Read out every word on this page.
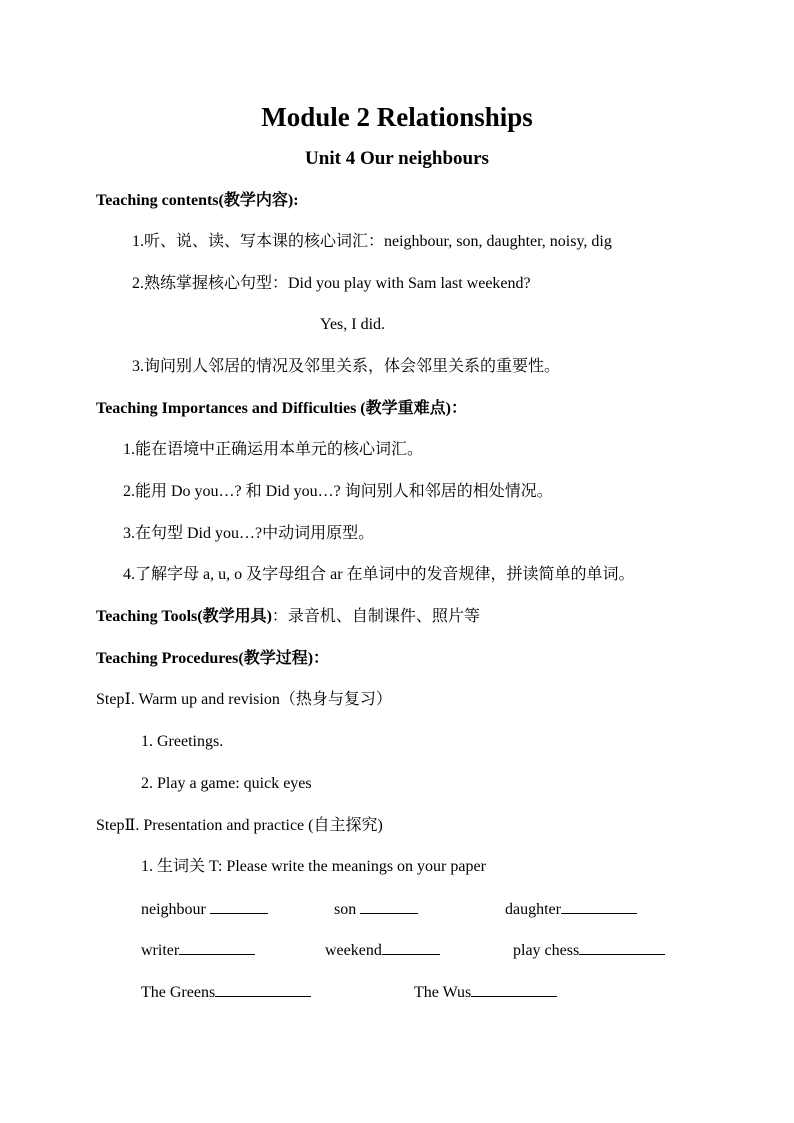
Module 2 Relationships
Unit 4 Our neighbours
Teaching contents(教学内容):
1.听、说、读、写本课的核心词汇：neighbour, son, daughter, noisy, dig
2.熟练掌握核心句型：Did you play with Sam last weekend?
Yes, I did.
3.询问别人邻居的情况及邻里关系，体会邻里关系的重要性。
Teaching Importances and Difficulties (教学重难点)：
1.能在语境中正确运用本单元的核心词汇。
2.能用 Do you…? 和 Did you…? 询问别人和邻居的相处情况。
3.在句型 Did you…?中动词用原型。
4.了解字母 a, u, o 及字母组合 ar 在单词中的发音规律，拼读简单的单词。
Teaching Tools(教学用具)：录音机、自制课件、照片等
Teaching Procedures(教学过程)：
StepⅠ. Warm up and revision（热身与复习）
1. Greetings.
2. Play a game: quick eyes
StepⅡ. Presentation and practice (自主探究)
1. 生词关 T: Please write the meanings on your paper
neighbour	son	daughter
writer	weekend	play chess
The Greens	The Wus
